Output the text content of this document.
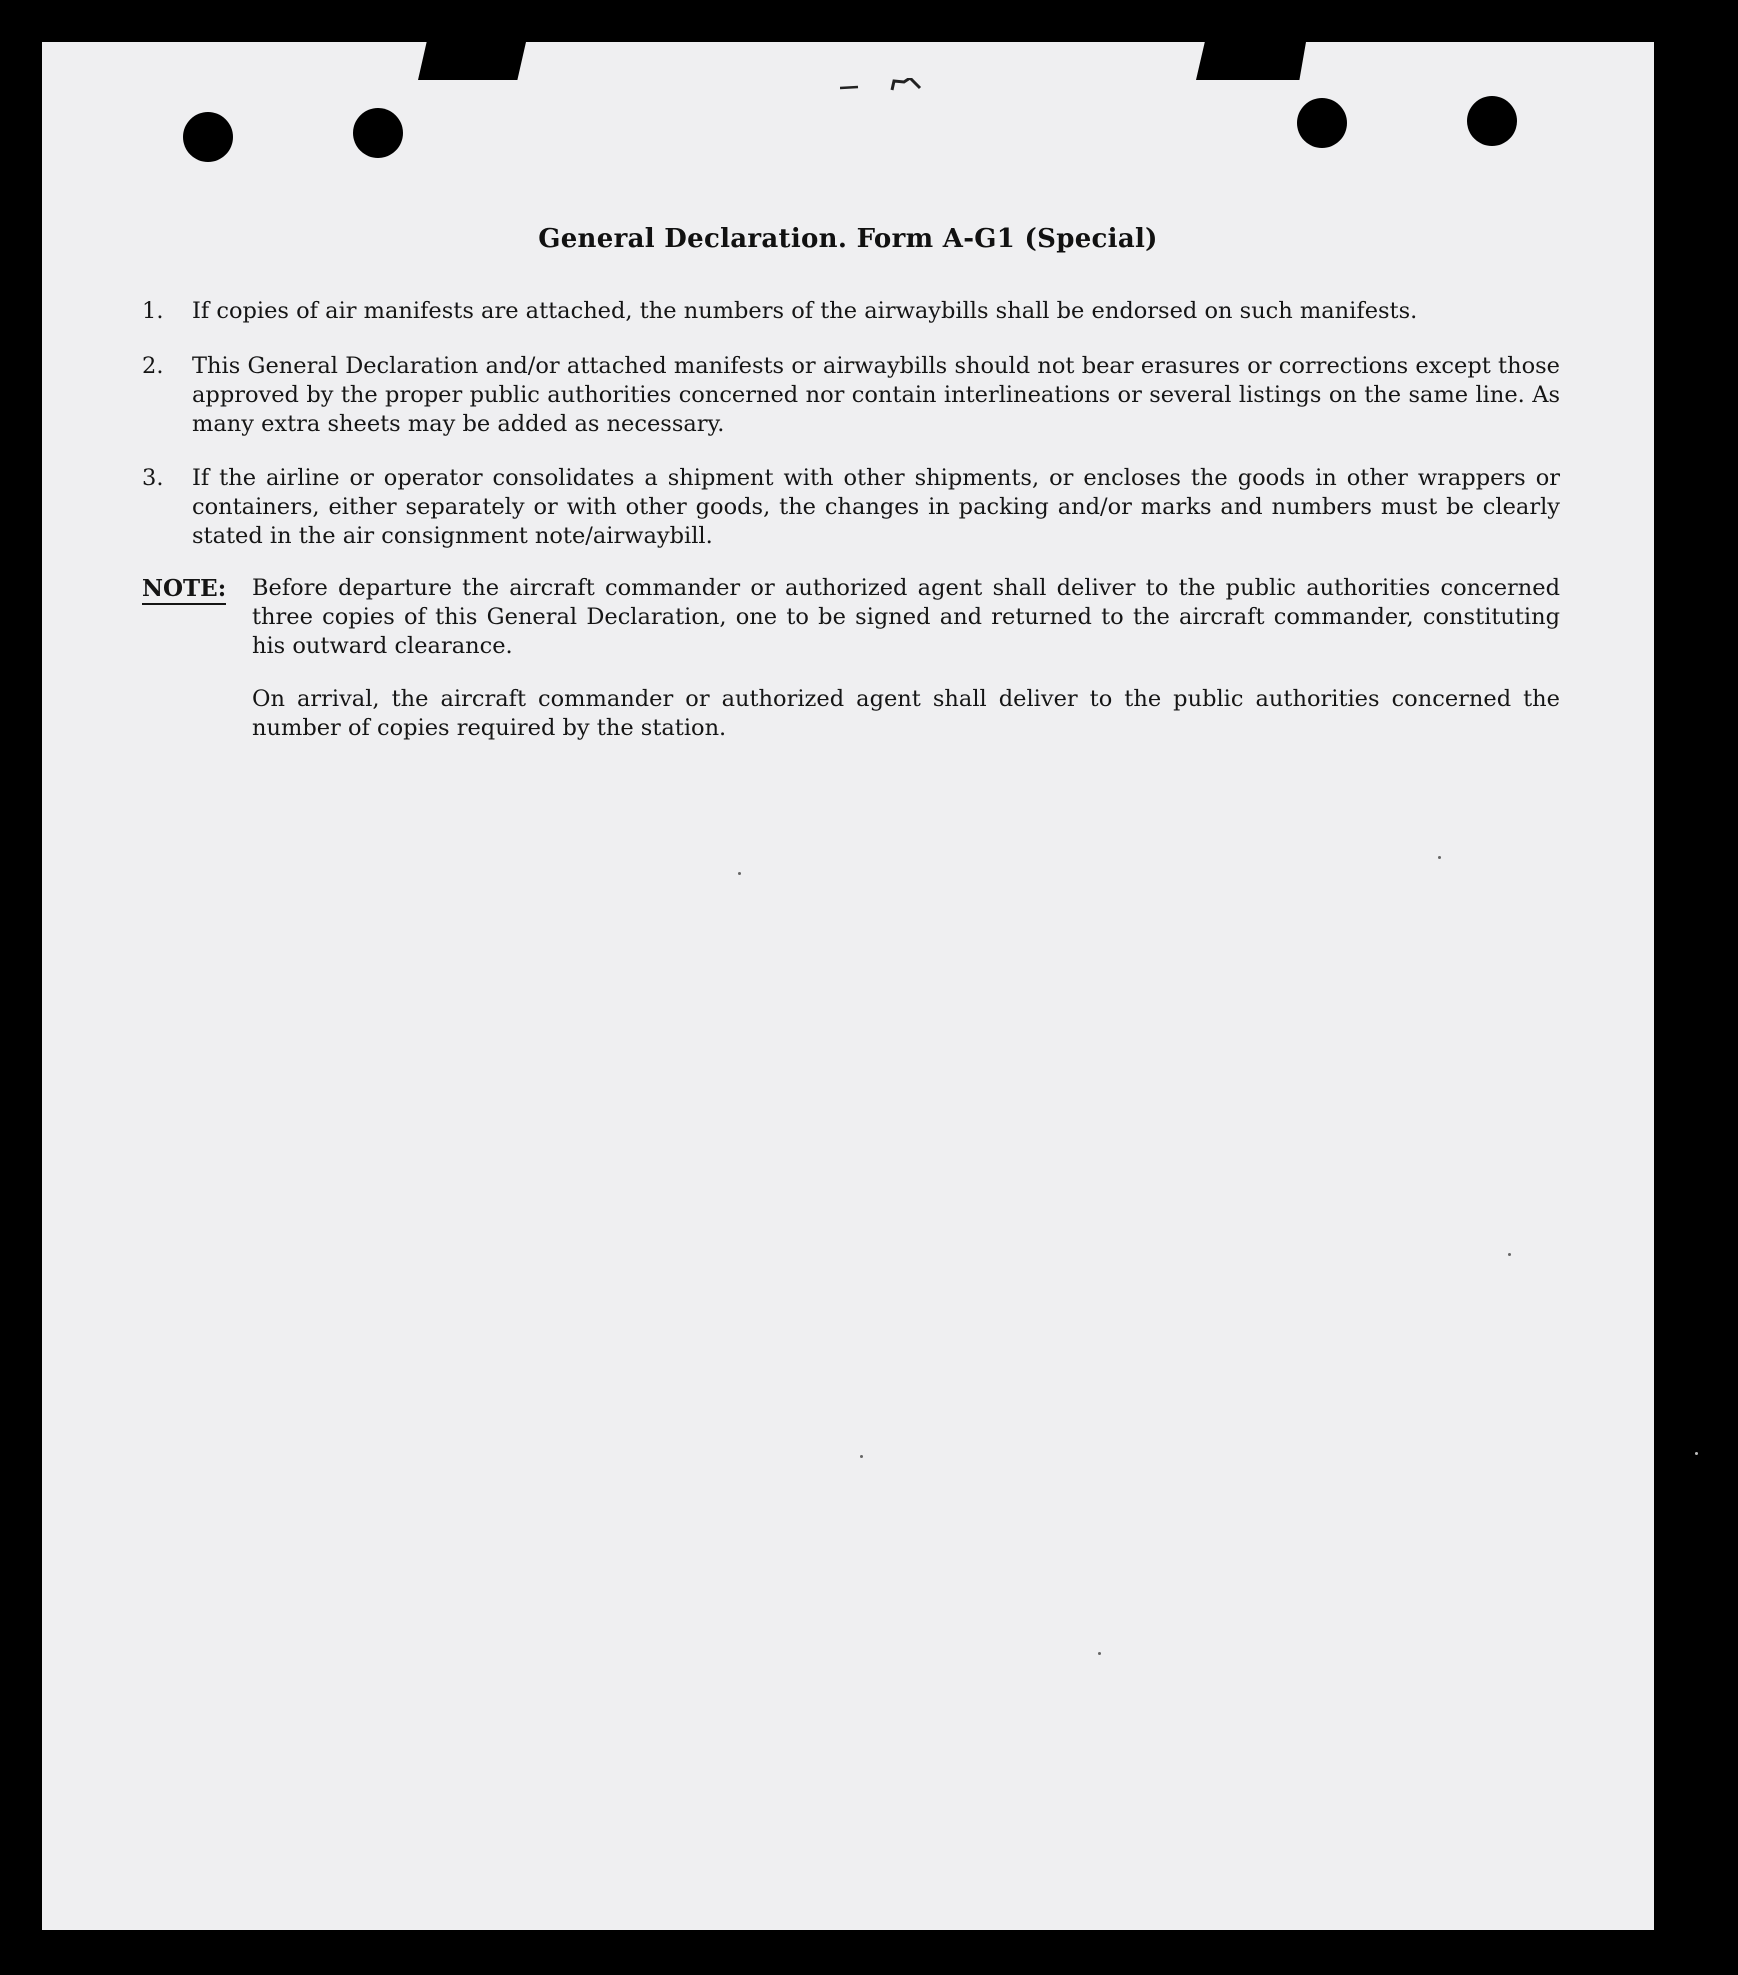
General Declaration. Form A-G1 (Special)
1.	If copies of air manifests are attached, the numbers of the airwaybills shall be endorsed on such manifests.
2.	This General Declaration and/or attached manifests or airwaybills should not bear erasures or corrections except those approved by the proper public authorities concerned nor contain interlineations or several listings on the same line. As many extra sheets may be added as necessary.
3.	If the airline or operator consolidates a shipment with other shipments, or encloses the goods in other wrappers or containers, either separately or with other goods, the changes in packing and/or marks and numbers must be clearly stated in the air consignment note/airwaybill.
NOTE: Before departure the aircraft commander or authorized agent shall deliver to the public authorities concerned three copies of this General Declaration, one to be signed and returned to the aircraft commander, constituting his outward clearance.
On arrival, the aircraft commander or authorized agent shall deliver to the public authorities concerned the number of copies required by the station.
